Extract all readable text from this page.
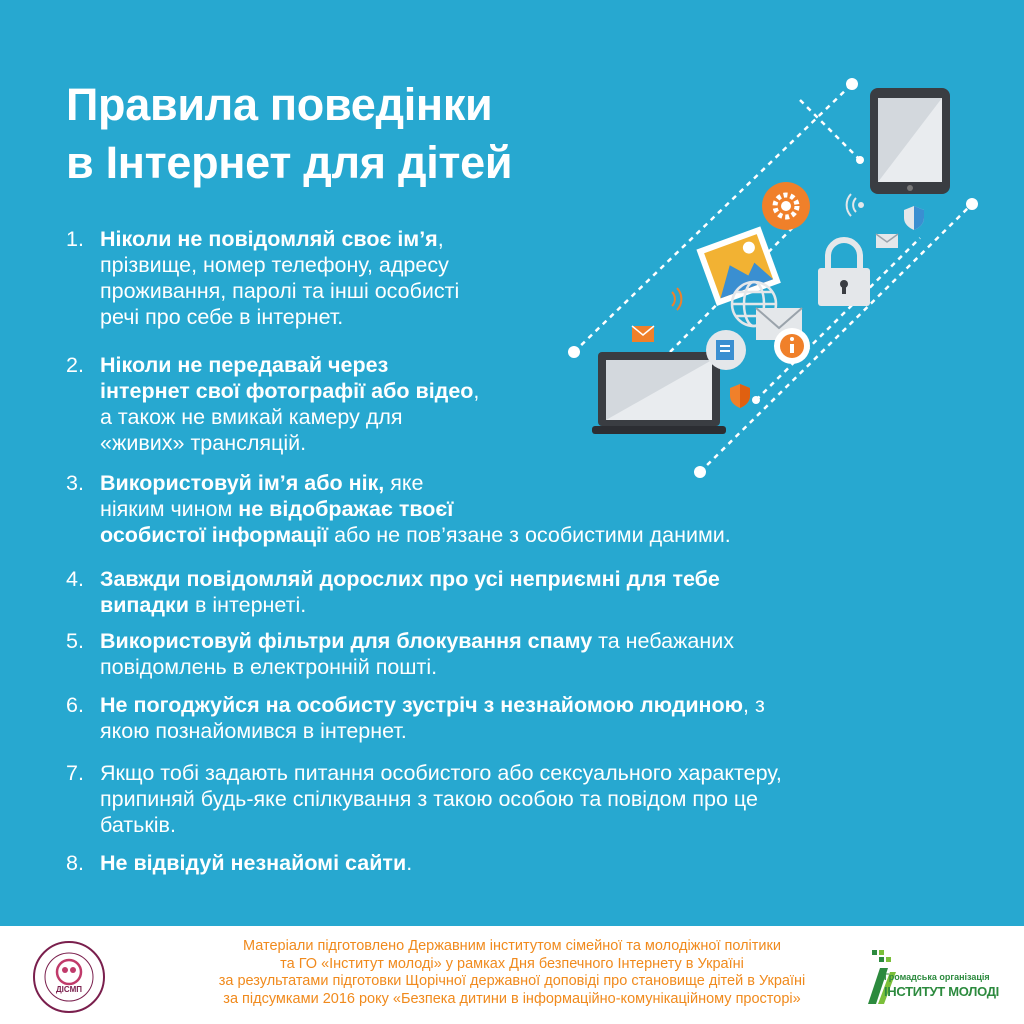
Правила поведінки
в Інтернет для дітей
1. Ніколи не повідомляй своє ім’я,
прізвище, номер телефону, адресу
проживання, паролі та інші особисті
речі про себе в інтернет.
2. Ніколи не передавай через
інтернет свої фотографії або відео,
а також не вмикай камеру для
«живих» трансляцій.
3. Використовуй ім’я або нік, яке
ніяким чином не відображає твоєї
особистої інформації або не пов’язане з особистими даними.
4. Завжди повідомляй дорослих про усі неприємні для тебе
випадки в інтернеті.
5. Використовуй фільтри для блокування спаму та небажаних
повідомлень в електронній пошті.
6. Не погоджуйся на особисту зустріч з незнайомою людиною, з
якою познайомився в інтернет.
7. Якщо тобі задають питання особистого або сексуального характеру,
припиняй будь-яке спілкування з такою особою та повідом про це
батьків.
8. Не відвідуй незнайомі сайти.
ДІСМП
Матеріали підготовлено Державним інститутом сімейної та молодіжної політики
та ГО «Інститут молоді» у рамках Дня безпечного Інтернету в Україні
за результатами підготовки Щорічної державної доповіді про становище дітей в Україні
за підсумками 2016 року «Безпека дитини в інформаційно-комунікаційному просторі»
Громадська організація
ІНСТИТУТ МОЛОДІ
